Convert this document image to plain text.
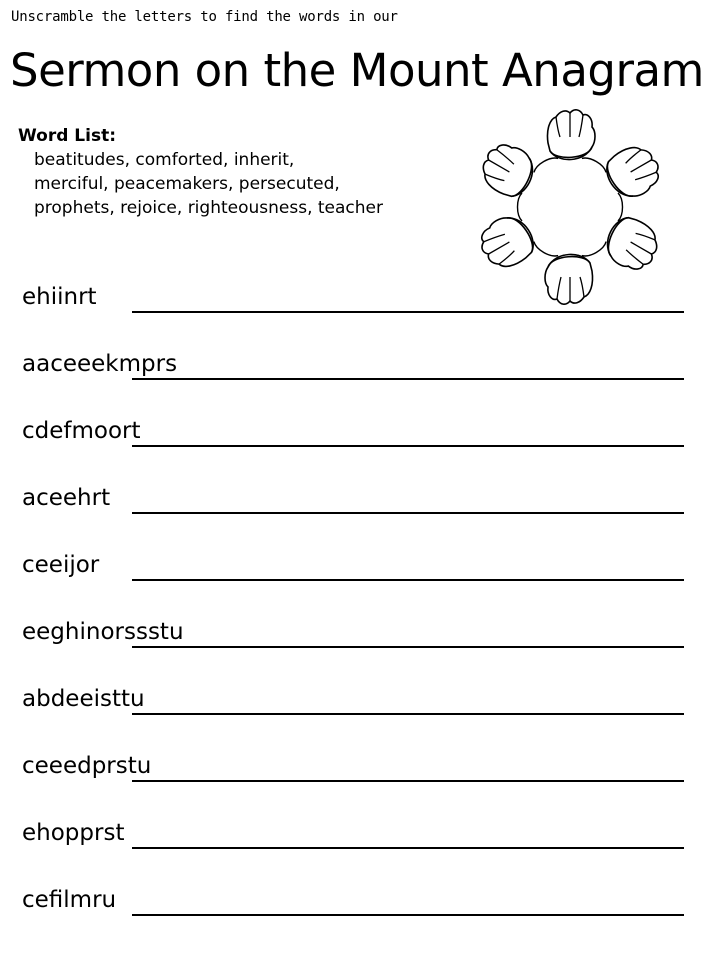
Unscramble the letters to find the words in our
Sermon on the Mount Anagram
Word List:
beatitudes, comforted, inherit,
merciful, peacemakers, persecuted,
prophets, rejoice, righteousness, teacher
ehiinrt
aaceeekmprs
cdefmoort
aceehrt
ceeijor
eeghinorssstu
abdeeisttu
ceeedprstu
ehopprst
cefilmru
